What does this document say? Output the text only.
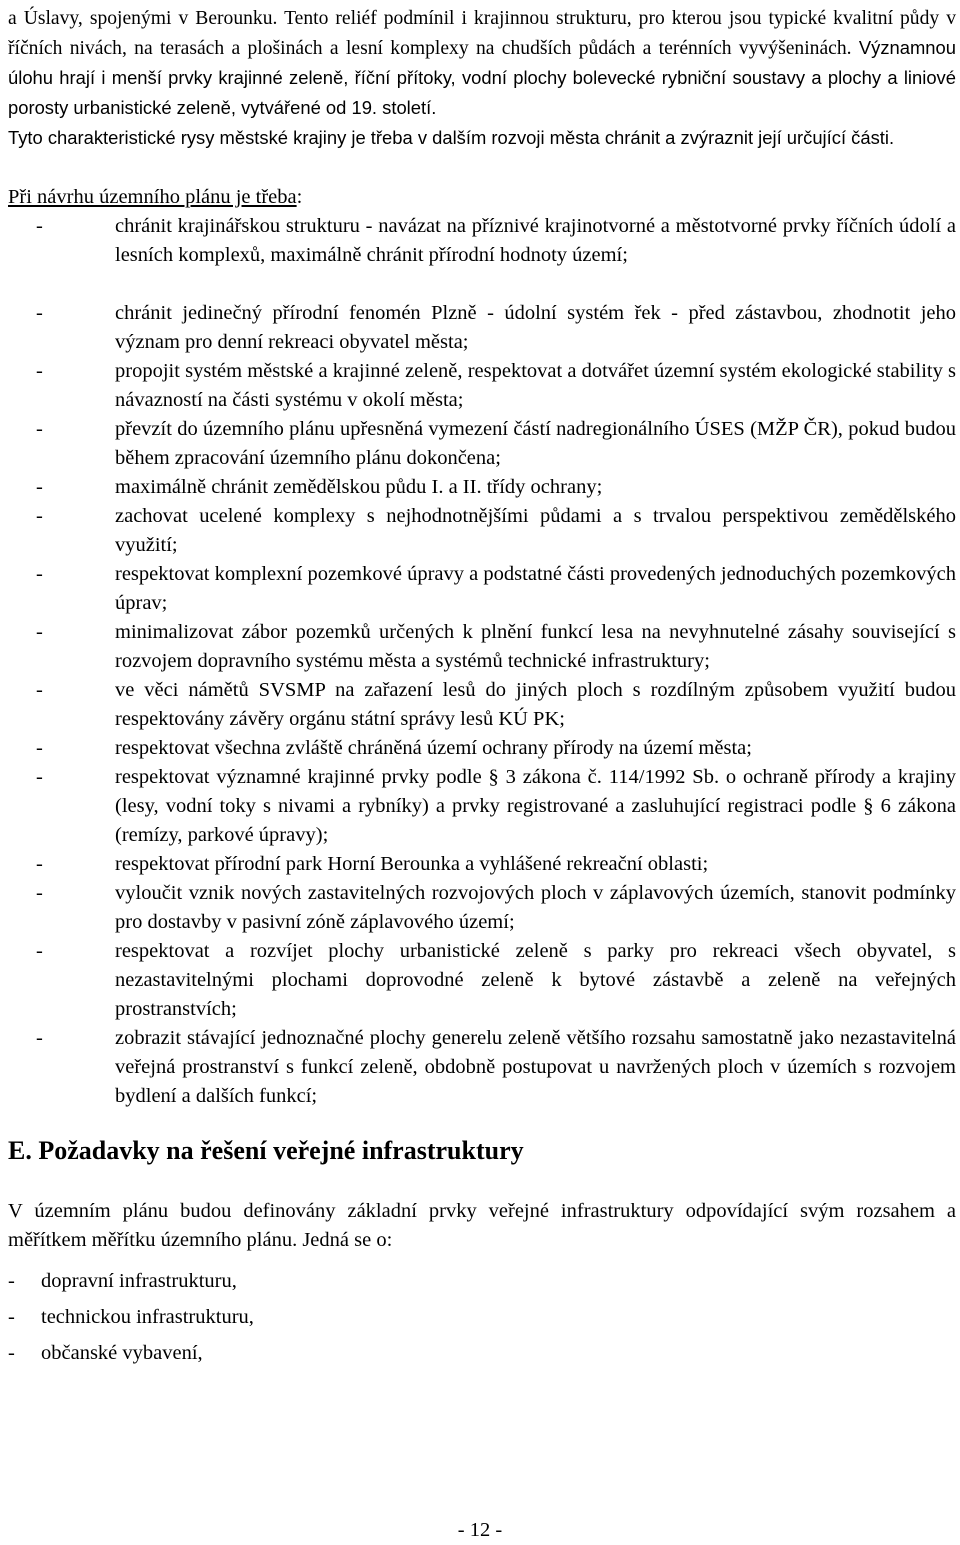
a Úslavy, spojenými v Berounku. Tento reliéf podmínil i krajinnou strukturu, pro kterou jsou typické kvalitní půdy v říčních nivách, na terasách a plošinách a lesní komplexy na chudších půdách a terénních vyvýšeninách. Významnou úlohu hrají i menší prvky krajinné zeleně, říční přítoky, vodní plochy bolevecké rybniční soustavy a plochy a liniové porosty urbanistické zeleně, vytvářené od 19. století.

Tyto charakteristické rysy městské krajiny je třeba v dalším rozvoji města chránit a zvýraznit její určující části.

Při návrhu územního plánu je třeba:

-	chránit krajinářskou strukturu - navázat na příznivé krajinotvorné a městotvorné prvky říčních údolí a lesních komplexů, maximálně chránit přírodní hodnoty území;
-	chránit jedinečný přírodní fenomén Plzně - údolní systém řek - před zástavbou, zhodnotit jeho význam pro denní rekreaci obyvatel města;
-	propojit systém městské a krajinné zeleně, respektovat a dotvářet územní systém ekologické stability s návazností na části systému v okolí města;
-	převzít do územního plánu upřesněná vymezení částí nadregionálního ÚSES (MŽP ČR), pokud budou během zpracování územního plánu dokončena;
-	maximálně chránit zemědělskou půdu I. a II. třídy ochrany;
-	zachovat ucelené komplexy s nejhodnotnějšími půdami a s trvalou perspektivou zemědělského využití;
-	respektovat komplexní pozemkové úpravy a podstatné části provedených jednoduchých pozemkových úprav;
-	minimalizovat zábor pozemků určených k plnění funkcí lesa na nevyhnutelné zásahy související s rozvojem dopravního systému města a systémů technické infrastruktury;
-	ve věci námětů SVSMP na zařazení lesů do jiných ploch s rozdílným způsobem využití budou respektovány závěry orgánu státní správy lesů KÚ PK;
-	respektovat všechna zvláště chráněná území ochrany přírody na území města;
-	respektovat významné krajinné prvky podle § 3 zákona č. 114/1992 Sb. o ochraně přírody a krajiny (lesy, vodní toky s nivami a rybníky) a prvky registrované a zasluhující registraci podle § 6 zákona (remízy, parkové úpravy);
-	respektovat přírodní park Horní Berounka a vyhlášené rekreační oblasti;
-	vyloučit vznik nových zastavitelných rozvojových ploch v záplavových územích, stanovit podmínky pro dostavby v pasivní zóně záplavového území;
-	respektovat a rozvíjet plochy urbanistické zeleně s parky pro rekreaci všech obyvatel, s nezastavitelnými plochami doprovodné zeleně k bytové zástavbě a zeleně na veřejných prostranstvích;
-	zobrazit stávající jednoznačné plochy generelu zeleně většího rozsahu samostatně jako nezastavitelná veřejná prostranství s funkcí zeleně, obdobně postupovat u navržených ploch v územích s rozvojem bydlení a dalších funkcí;
E. Požadavky na řešení veřejné infrastruktury

V územním plánu budou definovány základní prvky veřejné infrastruktury odpovídající svým rozsahem a měřítkem měřítku územního plánu. Jedná se o:

- dopravní infrastrukturu,
- technickou infrastrukturu,
- občanské vybavení,
- 12 -
